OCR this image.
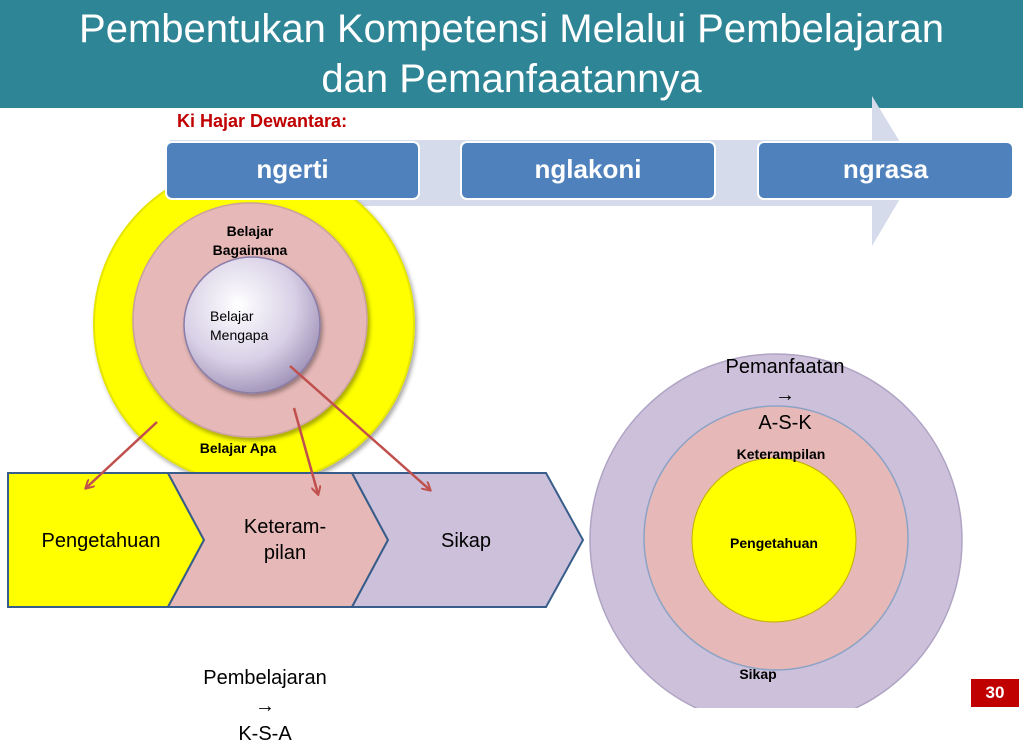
Pembentukan Kompetensi Melalui Pembelajaran
dan Pemanfaatannya
Ki Hajar Dewantara:
ngerti	nglakoni	ngrasa
Belajar
Bagaimana
Belajar
Mengapa
Belajar Apa
Pengetahuan
Keteram-
pilan
Sikap

Pembelajaran
→
K-S-A

Pemanfaatan
→
A-S-K

Keterampilan
Pengetahuan
Sikap
30
